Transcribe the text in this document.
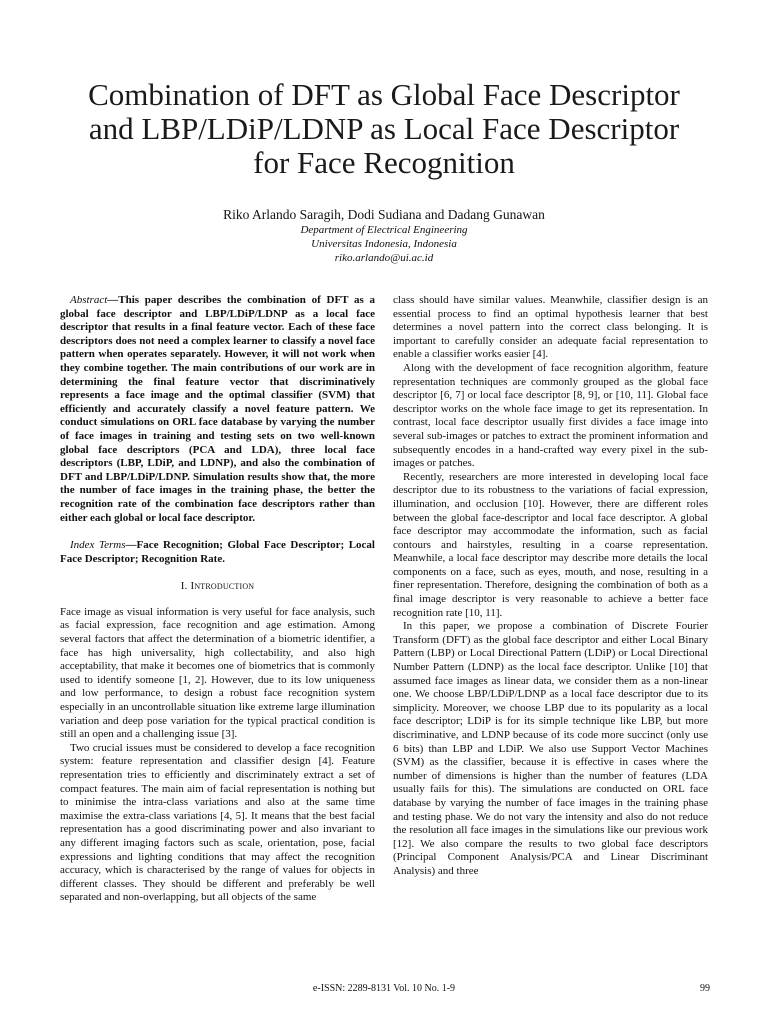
Combination of DFT as Global Face Descriptor
and LBP/LDiP/LDNP as Local Face Descriptor
for Face Recognition
Riko Arlando Saragih, Dodi Sudiana and Dadang Gunawan
Department of Electrical Engineering
Universitas Indonesia, Indonesia
riko.arlando@ui.ac.id

Abstract—This paper describes the combination of DFT as a global face descriptor and LBP/LDiP/LDNP as a local face descriptor that results in a final feature vector. Each of these face descriptors does not need a complex learner to classify a novel face pattern when operates separately. However, it will not work when they combine together. The main contributions of our work are in determining the final feature vector that discriminatively represents a face image and the optimal classifier (SVM) that efficiently and accurately classify a novel feature pattern. We conduct simulations on ORL face database by varying the number of face images in training and testing sets on two well-known global face descriptors (PCA and LDA), three local face descriptors (LBP, LDiP, and LDNP), and also the combination of DFT and LBP/LDiP/LDNP. Simulation results show that, the more the number of face images in the training phase, the better the recognition rate of the combination face descriptors rather than either each global or local face descriptor.

Index Terms—Face Recognition; Global Face Descriptor; Local Face Descriptor; Recognition Rate.

I. Introduction

Face image as visual information is very useful for face analysis, such as facial expression, face recognition and age estimation. Among several factors that affect the determination of a biometric identifier, a face has high universality, high collectability, and also high acceptability, that make it becomes one of biometrics that is commonly used to identify someone [1, 2]. However, due to its low uniqueness and low performance, to design a robust face recognition system especially in an uncontrollable situation like extreme large illumination variation and deep pose variation for the typical practical condition is still an open and a challenging issue [3].

Two crucial issues must be considered to develop a face recognition system: feature representation and classifier design [4]. Feature representation tries to efficiently and discriminately extract a set of compact features. The main aim of facial representation is nothing but to minimise the intra-class variations and also at the same time maximise the extra-class variations [4, 5]. It means that the best facial representation has a good discriminating power and also invariant to any different imaging factors such as scale, orientation, pose, facial expressions and lighting conditions that may affect the recognition accuracy, which is characterised by the range of values for objects in different classes. They should be different and preferably be well separated and non-overlapping, but all objects of the same

class should have similar values. Meanwhile, classifier design is an essential process to find an optimal hypothesis learner that best determines a novel pattern into the correct class belonging. It is important to carefully consider an adequate facial representation to enable a classifier works easier [4].

Along with the development of face recognition algorithm, feature representation techniques are commonly grouped as the global face descriptor [6, 7] or local face descriptor [8, 9], or [10, 11]. Global face descriptor works on the whole face image to get its representation. In contrast, local face descriptor usually first divides a face image into several sub-images or patches to extract the prominent information and subsequently encodes in a hand-crafted way every pixel in the sub-images or patches.

Recently, researchers are more interested in developing local face descriptor due to its robustness to the variations of facial expression, illumination, and occlusion [10]. However, there are different roles between the global face-descriptor and local face descriptor. A global face descriptor may accommodate the information, such as facial contours and hairstyles, resulting in a coarse representation. Meanwhile, a local face descriptor may describe more details the local components on a face, such as eyes, mouth, and nose, resulting in a finer representation. Therefore, designing the combination of both as a final image descriptor is very reasonable to achieve a better face recognition rate [10, 11].

In this paper, we propose a combination of Discrete Fourier Transform (DFT) as the global face descriptor and either Local Binary Pattern (LBP) or Local Directional Pattern (LDiP) or Local Directional Number Pattern (LDNP) as the local face descriptor. Unlike [10] that assumed face images as linear data, we consider them as a non-linear one. We choose LBP/LDiP/LDNP as a local face descriptor due to its simplicity. Moreover, we choose LBP due to its popularity as a local face descriptor; LDiP is for its simple technique like LBP, but more discriminative, and LDNP because of its code more succinct (only use 6 bits) than LBP and LDiP. We also use Support Vector Machines (SVM) as the classifier, because it is effective in cases where the number of dimensions is higher than the number of features (LDA usually fails for this). The simulations are conducted on ORL face database by varying the number of face images in the training phase and testing phase. We do not vary the intensity and also do not reduce the resolution all face images in the simulations like our previous work [12]. We also compare the results to two global face descriptors (Principal Component Analysis/PCA and Linear Discriminant Analysis) and three

e-ISSN: 2289-8131 Vol. 10 No. 1-9	99
